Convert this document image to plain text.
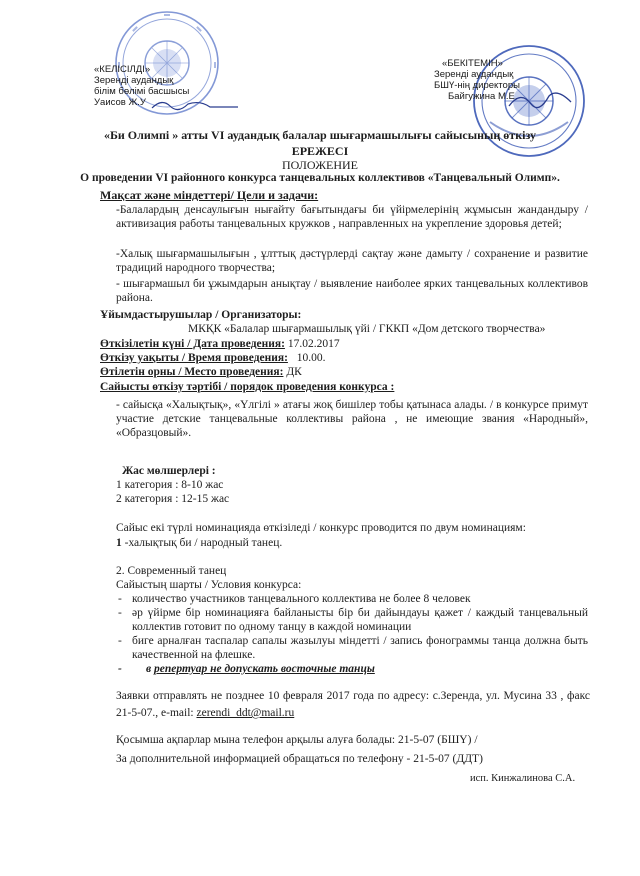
«КЕЛІСІЛДІ»
Зеренді аудандық
білім бөлімі басшысы
Уаисов Ж.У
«БЕКІТЕМІН»
Зеренді аудандық
БШҮ-нің директоры
Байгужина М.Е.
«Би Олимпі » атты VI аудандық балалар шығармашылығы сайысының өткізу
ЕРЕЖЕСІ
ПОЛОЖЕНИЕ
О проведении VI районного конкурса танцевальных коллективов «Танцевальный Олимп».
Мақсат және міндеттері/ Цели и задачи:
-Балалардың денсаулығын нығайту бағытындағы би үйірмелерінің жұмысын жандандыру / активизация работы танцевальных кружков , направленных на укрепление здоровья детей;
-Халық шығармашылығын , ұлттық дәстүрлерді сақтау және дамыту / сохранение и развитие традиций народного творчества;
- шығармашыл би ұжымдарын анықтау / выявление наиболее ярких танцевальных коллективов района.
Ұйымдастырушылар / Организаторы:
МКҚК «Балалар шығармашылық үйі / ГККП «Дом детского творчества»
Өткізілетін күні / Дата проведения: 17.02.2017
Өткізу уақыты / Время проведения: 10.00.
Өтілетін орны / Место проведения: ДК
Сайысты өткізу тәртібі / порядок проведения конкурса :
- сайысқа «Халықтық», «Үлгілі » атағы жоқ бишілер тобы қатынаса алады. / в конкурсе примут участие детские танцевальные коллективы района , не имеющие звания «Народный», «Образцовый».
Жас мөлшерлері :
1 категория : 8-10 жас
2 категория : 12-15 жас
Сайыс екі түрлі номинацияда өткізіледі / конкурс проводится по двум номинациям:
1 -халықтық би / народный танец.
2. Современный танец
Сайыстың шарты / Условия конкурса:
- количество участников танцевального коллектива не более 8 человек
- әр үйірме бір номинацияға байланысты бір би дайындауы қажет / каждый танцевальный коллектив готовит по одному танцу в каждой номинации
- биге арналған таспалар сапалы жазылуы міндетті / запись фонограммы танца должна быть качественной на флешке.
- в репертуар не допускать восточные танцы
Заявки отправлять не позднее 10 февраля 2017 года по адресу: с.Зеренда, ул. Мусина 33 , факс 21-5-07., e-mail: zerendi_ddt@mail.ru
Қосымша ақпарлар мына телефон арқылы алуға болады: 21-5-07 (БШҮ) /
За дополнительной информацией обращаться по телефону - 21-5-07 (ДДТ)
исп. Кинжалинова С.А.
